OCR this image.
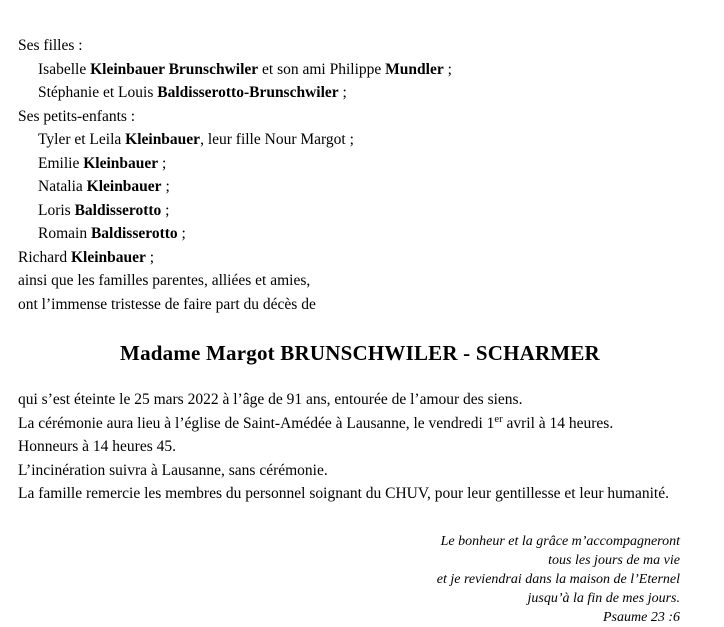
Ses filles :
Isabelle Kleinbauer Brunschwiler et son ami Philippe Mundler ;
Stéphanie et Louis Baldisserotto-Brunschwiler ;
Ses petits-enfants :
Tyler et Leila Kleinbauer, leur fille Nour Margot ;
Emilie Kleinbauer ;
Natalia Kleinbauer ;
Loris Baldisserotto ;
Romain Baldisserotto ;
Richard Kleinbauer ;
ainsi que les familles parentes, alliées et amies,
ont l’immense tristesse de faire part du décès de
Madame Margot BRUNSCHWILER - SCHARMER
qui s’est éteinte le 25 mars 2022 à l’âge de 91 ans, entourée de l’amour des siens.
La cérémonie aura lieu à l’église de Saint-Amédée à Lausanne, le vendredi 1er avril à 14 heures.
Honneurs à 14 heures 45.
L’incinération suivra à Lausanne, sans cérémonie.
La famille remercie les membres du personnel soignant du CHUV, pour leur gentillesse et leur humanité.
Le bonheur et la grâce m’accompagneront
tous les jours de ma vie
et je reviendrai dans la maison de l’Eternel
jusqu’à la fin de mes jours.
Psaume 23 :6
